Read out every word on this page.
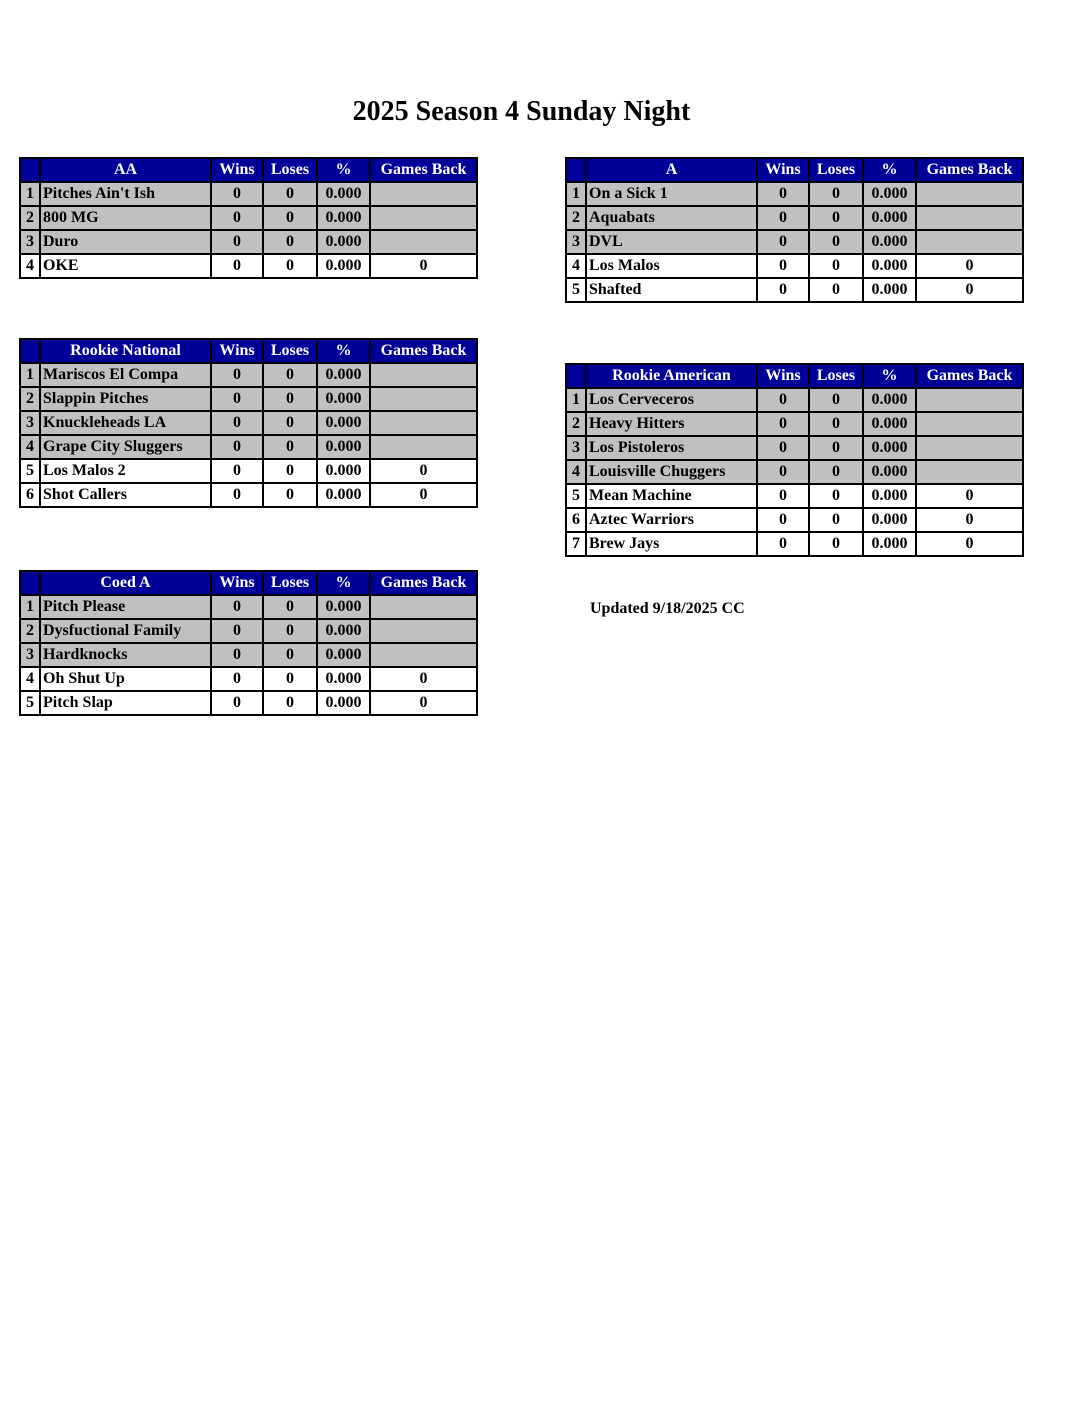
2025 Season 4 Sunday Night
	AA	Wins	Loses	%	Games Back
1	Pitches Ain't Ish	0	0	0.000	
2	800 MG	0	0	0.000	
3	Duro	0	0	0.000	
4	OKE	0	0	0.000	0
	A	Wins	Loses	%	Games Back
1	On a Sick 1	0	0	0.000	
2	Aquabats	0	0	0.000	
3	DVL	0	0	0.000	
4	Los Malos	0	0	0.000	0
5	Shafted	0	0	0.000	0
	Rookie National	Wins	Loses	%	Games Back
1	Mariscos El Compa	0	0	0.000	
2	Slappin Pitches	0	0	0.000	
3	Knuckleheads LA	0	0	0.000	
4	Grape City Sluggers	0	0	0.000	
5	Los Malos 2	0	0	0.000	0
6	Shot Callers	0	0	0.000	0
	Rookie American	Wins	Loses	%	Games Back
1	Los Cerveceros	0	0	0.000	
2	Heavy Hitters	0	0	0.000	
3	Los Pistoleros	0	0	0.000	
4	Louisville Chuggers	0	0	0.000	
5	Mean Machine	0	0	0.000	0
6	Aztec Warriors	0	0	0.000	0
7	Brew Jays	0	0	0.000	0
	Coed A	Wins	Loses	%	Games Back
1	Pitch Please	0	0	0.000	
2	Dysfuctional Family	0	0	0.000	
3	Hardknocks	0	0	0.000	
4	Oh Shut Up	0	0	0.000	0
5	Pitch Slap	0	0	0.000	0
Updated 9/18/2025 CC
